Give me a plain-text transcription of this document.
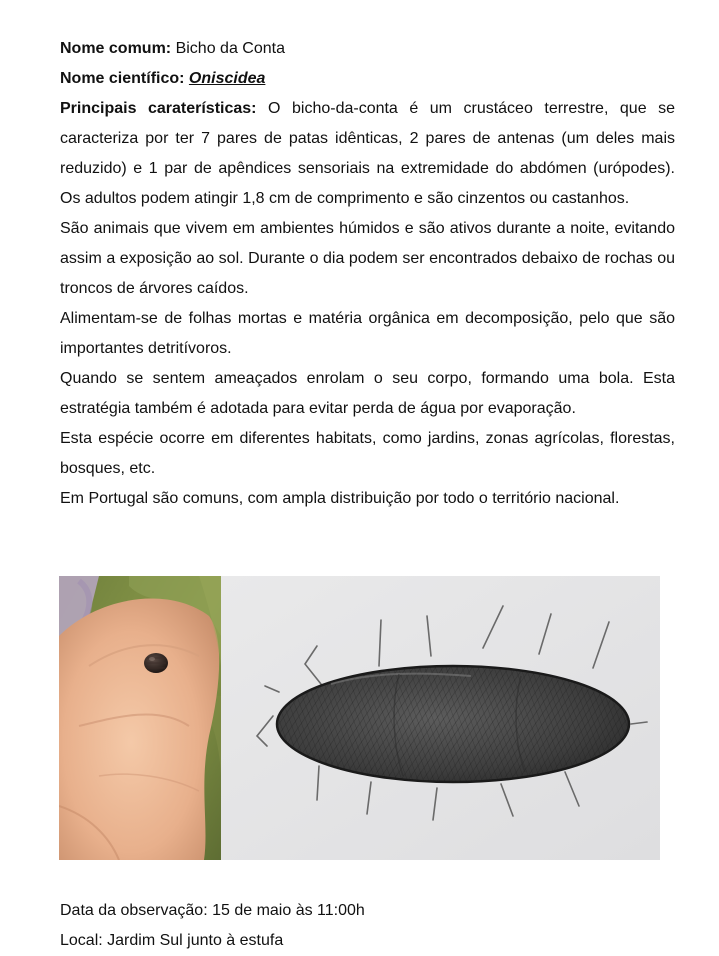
Nome comum: Bicho da Conta

Nome científico: Oniscidea

Principais caraterísticas: O bicho-da-conta é um crustáceo terrestre, que se caracteriza por ter 7 pares de patas idênticas, 2 pares de antenas (um deles mais reduzido) e 1 par de apêndices sensoriais na extremidade do abdómen (urópodes). Os adultos podem atingir 1,8 cm de comprimento e são cinzentos ou castanhos.

São animais que vivem em ambientes húmidos e são ativos durante a noite, evitando assim a exposição ao sol. Durante o dia podem ser encontrados debaixo de rochas ou troncos de árvores caídos.

Alimentam-se de folhas mortas e matéria orgânica em decomposição, pelo que são importantes detritívoros.

Quando se sentem ameaçados enrolam o seu corpo, formando uma bola. Esta estratégia também é adotada para evitar perda de água por evaporação.

Esta espécie ocorre em diferentes habitats, como jardins, zonas agrícolas, florestas, bosques, etc.

Em Portugal são comuns, com ampla distribuição por todo o território nacional.

Data da observação: 15 de maio às 11:00h

Local: Jardim Sul junto à estufa
